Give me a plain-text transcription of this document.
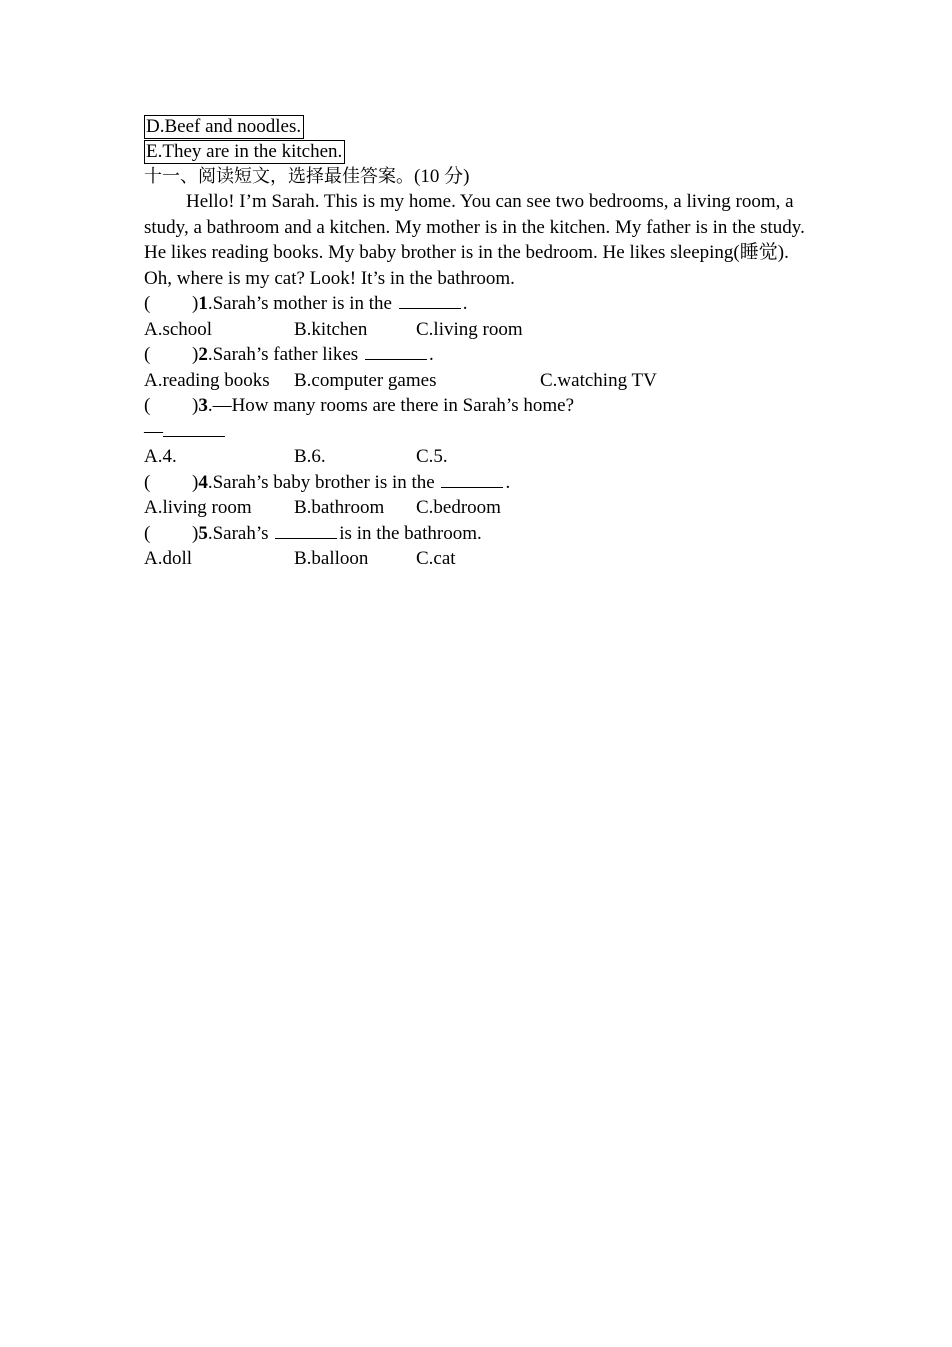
D.Beef and noodles.
E.They are in the kitchen.
十一、阅读短文，选择最佳答案。(10 分)
Hello! I’m Sarah. This is my home. You can see two bedrooms, a living room, a study, a bathroom and a kitchen. My mother is in the kitchen. My father is in the study. He likes reading books. My baby brother is in the bedroom. He likes sleeping(睡觉). Oh, where is my cat? Look! It’s in the bathroom.
( )1.Sarah’s mother is in the	.
A.school	B.kitchen	C.living room
( )2.Sarah’s father likes	.
A.reading books B.computer games	C.watching TV
( )3.—How many rooms are there in Sarah’s home?
—
A.4.	B.6.	C.5.
( )4.Sarah’s baby brother is in the	.
A.living room B.bathroom C.bedroom
( )5.Sarah’s	is in the bathroom.
A.doll	B.balloon	C.cat
